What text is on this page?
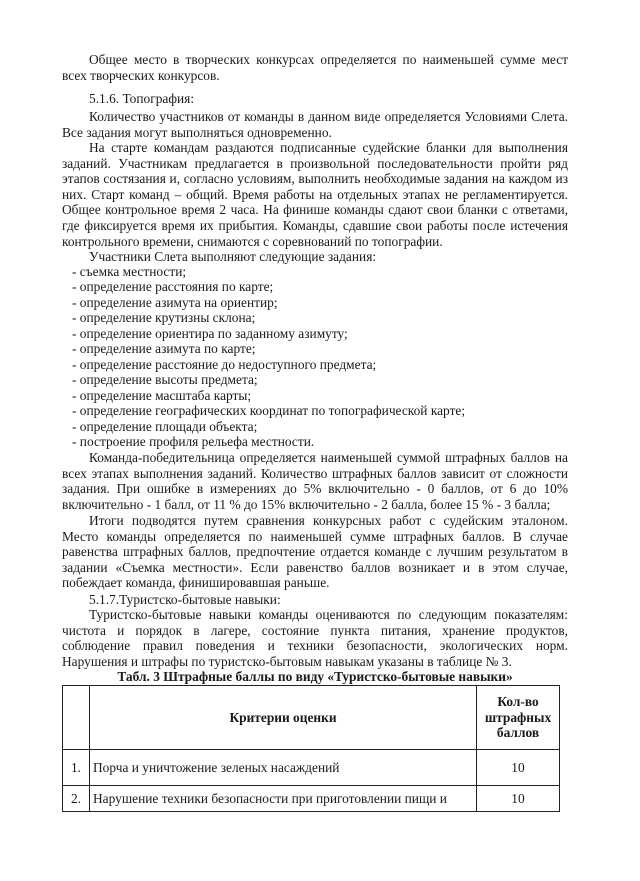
Общее место в творческих конкурсах определяется по наименьшей сумме мест всех творческих конкурсов.

5.1.6. Топография:

Количество участников от команды в данном виде определяется Условиями Слета. Все задания могут выполняться одновременно.

На старте командам раздаются подписанные судейские бланки для выполнения заданий. Участникам предлагается в произвольной последовательности пройти ряд этапов состязания и, согласно условиям, выполнить необходимые задания на каждом из них. Старт команд – общий. Время работы на отдельных этапах не регламентируется. Общее контрольное время 2 часа. На финише команды сдают свои бланки с ответами, где фиксируется время их прибытия. Команды, сдавшие свои работы после истечения контрольного времени, снимаются с соревнований по топографии.

Участники Слета выполняют следующие задания:

- съемка местности;

- определение расстояния по карте;

- определение азимута на ориентир;

- определение крутизны склона;

- определение ориентира по заданному азимуту;

- определение азимута по карте;

- определение расстояние до недоступного предмета;

- определение высоты предмета;

- определение масштаба карты;

- определение географических координат по топографической карте;

- определение площади объекта;

- построение профиля рельефа местности.

Команда-победительница определяется наименьшей суммой штрафных баллов на всех этапах выполнения заданий. Количество штрафных баллов зависит от сложности задания. При ошибке в измерениях до 5% включительно - 0 баллов, от 6 до 10% включительно - 1 балл, от 11 % до 15% включительно - 2 балла, более 15 % - 3 балла;

Итоги подводятся путем сравнения конкурсных работ с судейским эталоном. Место команды определяется по наименьшей сумме штрафных баллов. В случае равенства штрафных баллов, предпочтение отдается команде с лучшим результатом в задании «Съемка местности». Если равенство баллов возникает и в этом случае, побеждает команда, финишировавшая раньше.

5.1.7.Туристско-бытовые навыки:

Туристско-бытовые навыки команды оцениваются по следующим показателям: чистота и порядок в лагере, состояние пункта питания, хранение продуктов, соблюдение правил поведения и техники безопасности, экологических норм. Нарушения и штрафы по туристско-бытовым навыкам указаны в таблице № 3.

Табл. 3 Штрафные баллы по виду «Туристско-бытовые навыки»

	Критерии оценки	Кол-во
штрафных
баллов

1.	Порча и уничтожение зеленых насаждений	10
2.	Нарушение техники безопасности при приготовлении пищи и	10
